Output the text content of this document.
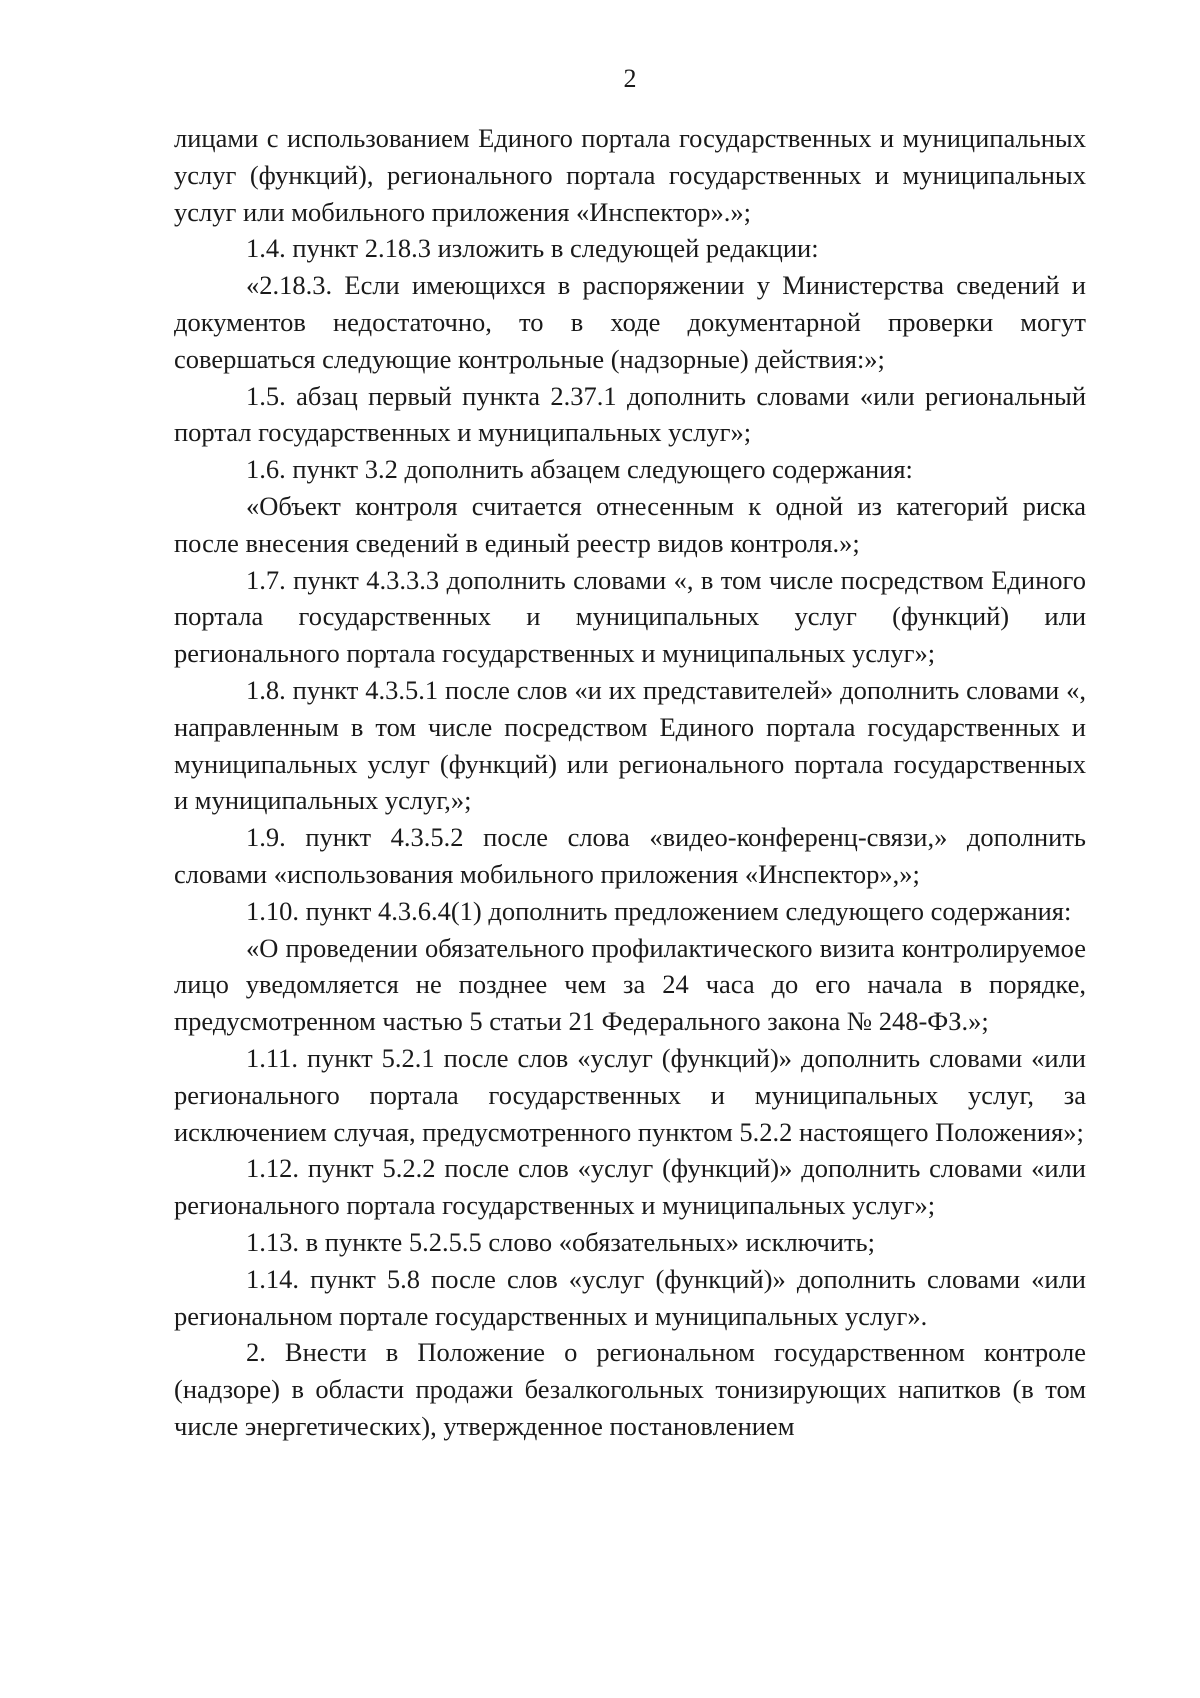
2

лицами с использованием Единого портала государственных и муниципальных услуг (функций), регионального портала государственных и муниципальных услуг или мобильного приложения «Инспектор».»;

1.4. пункт 2.18.3 изложить в следующей редакции:

«2.18.3. Если имеющихся в распоряжении у Министерства сведений и документов недостаточно, то в ходе документарной проверки могут совершаться следующие контрольные (надзорные) действия:»;

1.5. абзац первый пункта 2.37.1 дополнить словами «или региональный портал государственных и муниципальных услуг»;

1.6. пункт 3.2 дополнить абзацем следующего содержания:

«Объект контроля считается отнесенным к одной из категорий риска после внесения сведений в единый реестр видов контроля.»;

1.7. пункт 4.3.3.3 дополнить словами «, в том числе посредством Единого портала государственных и муниципальных услуг (функций) или регионального портала государственных и муниципальных услуг»;

1.8. пункт 4.3.5.1 после слов «и их представителей» дополнить словами «, направленным в том числе посредством Единого портала государственных и муниципальных услуг (функций) или регионального портала государственных и муниципальных услуг,»;

1.9. пункт 4.3.5.2 после слова «видео-конференц-связи,» дополнить словами «использования мобильного приложения «Инспектор»,»;

1.10. пункт 4.3.6.4(1) дополнить предложением следующего содержания:

«О проведении обязательного профилактического визита контролируемое лицо уведомляется не позднее чем за 24 часа до его начала в порядке, предусмотренном частью 5 статьи 21 Федерального закона № 248-ФЗ.»;

1.11. пункт 5.2.1 после слов «услуг (функций)» дополнить словами «или регионального портала государственных и муниципальных услуг, за исключением случая, предусмотренного пунктом 5.2.2 настоящего Положения»;

1.12. пункт 5.2.2 после слов «услуг (функций)» дополнить словами «или регионального портала государственных и муниципальных услуг»;

1.13. в пункте 5.2.5.5 слово «обязательных» исключить;

1.14. пункт 5.8 после слов «услуг (функций)» дополнить словами «или региональном портале государственных и муниципальных услуг».

2. Внести в Положение о региональном государственном контроле (надзоре) в области продажи безалкогольных тонизирующих напитков (в том числе энергетических), утвержденное постановлением
